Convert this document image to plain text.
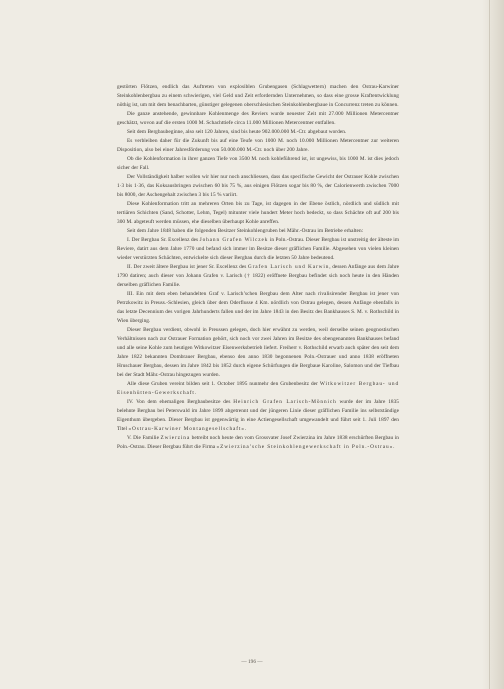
gestörten Flötzen, endlich das Auftreten von explosiblen Grubengasen (Schlagwettern) machen den Ostrau-Karwiner Steinkohlenbergbau zu einem schwierigen, viel Geld und Zeit erfordernden Unternehmen, so dass eine grosse Kraftentwicklung nöthig ist, um mit dem benachbarten, günstiger gelegenen oberschlesischen Steinkohlenbergbaue in Concurrenz treten zu können.

Die ganze anstehende, gewinnbare Kohlenmenge des Reviers wurde neuester Zeit mit 27.000 Millionen Metercentner geschätzt, wovon auf die ersten 1000 M. Schachttiefe circa 11.000 Millionen Metercentner entfallen.

Seit dem Bergbaubeginne, also seit 120 Jahren, sind bis heute 902.000.000 M.-Ctr. abgebaut worden.

Es verbleiben daher für die Zukunft bis auf eine Teufe von 1000 M. noch 10.000 Millionen Metercentner zur weiteren Disposition, also bei einer Jahresförderung von 50.000.000 M.-Ctr. noch über 200 Jahre.

Ob die Kohlenformation in ihrer ganzen Tiefe von 3500 M. noch kohleführend ist, ist ungewiss, bis 1000 M. ist dies jedoch sicher der Fall.

Der Vollständigkeit halber wollen wir hier nur noch anschliessen, dass das specifische Gewicht der Ostrauer Kohle zwischen 1·3 bis 1·36, das Koksausbringen zwischen 60 bis 75 %, aus einigen Flötzen sogar bis 80 %, der Calorienwerth zwischen 7000 bis 8000, der Aschengehalt zwischen 3 bis 15 % variirt.

Diese Kohlenformation tritt an mehreren Orten bis zu Tage, ist dagegen in der Ebene östlich, nördlich und südlich mit tertiären Schichten (Sand, Schotter, Lehm, Tegel) mitunter viele hundert Meter hoch bedeckt, so dass Schächte oft auf 200 bis 300 M. abgeteuft werden müssen, ehe dieselben überhaupt Kohle anreffen.

Seit dem Jahre 1848 haben die folgenden Besitzer Steinkohlengruben bei Mähr.-Ostrau im Betriebe erhalten:

I. Der Bergbau Sr. Excellenz des Johann Grafen Wilczek in Poln.-Ostrau. Dieser Bergbau ist unstreitig der älteste im Reviere, datirt aus dem Jahre 1770 und befand sich immer im Besitze dieser gräflichen Familie. Abgesehen von vielen kleinen wieder verstürzten Schächten, entwickelte sich dieser Bergbau durch die letzten 50 Jahre bedeutend.

II. Der zweit ältere Bergbau ist jener Sr. Excellenz des Grafen Larisch und Karwin, dessen Anfänge aus dem Jahre 1790 datiren; auch dieser von Johann Grafen v. Larisch († 1822) eröffnete Bergbau befindet sich noch heute in den Händen derselben gräflichen Familie.

III. Ein mit dem eben behandelten Graf v. Larisch’schen Bergbau dem Alter nach rivalisirender Bergbau ist jener von Petrzkowitz in Preuss.-Schlesien, gleich über dem Oderflusse 4 Km. nördlich von Ostrau gelegen, dessen Anfänge ebenfalls in das letzte Decennium des vorigen Jahrhunderts fallen und der im Jahre 1843 in den Besitz des Bankhauses S. M. v. Rothschild in Wien überging.

Dieser Bergbau verdient, obwohl in Preussen gelegen, doch hier erwähnt zu werden, weil derselbe seinen geognostischen Verhältnissen nach zur Ostrauer Formation gehört, sich noch vor zwei Jahren im Besitze des obengenannten Bankhauses befand und alle seine Kohle zum heutigen Witkowitzer Eisenwerksbetrieb liefert. Freiherr v. Rothschild erwarb auch später den seit dem Jahre 1822 bekannten Dombrauer Bergbau, ebenso den anno 1830 begonnenen Poln.-Ostrauer und anno 1838 eröffneten Hruschauer Bergbau, dessen im Jahre 1842 bis 1852 durch eigene Schürfungen die Bergbaue Karoline, Salomon und der Tiefbau bei der Stadt Mähr.-Ostrau hingezugen wurden.

Alle diese Gruben vereint bilden seit 1. October 1895 nunmehr den Grubenbesitz der Witkowitzer Bergbau- und Eisenhütten-Gewerkschaft.

IV. Von dem ehemaligen Bergbaubesitze des Heinrich Grafen Larisch-Mönnich wurde der im Jahre 1835 belehnte Bergbau bei Peterswald im Jahre 1899 abgetrennt und der jüngeren Linie dieser gräflichen Familie ins selbstständige Eigenthum übergeben. Dieser Bergbau ist gegenwärtig in eine Actiengesellschaft umgewandelt und führt seit 1. Juli 1897 den Titel »Ostrau-Karwiner Montangesellschaft«.

V. Die Familie Zwierzina betreibt noch heute den vom Grossvater Josef Zwierzina im Jahre 1838 erschürften Bergbau in Poln.-Ostrau. Dieser Bergbau führt die Firma »Zwierzina’sche Steinkohlengewerkschaft in Poln.-Ostrau«.

— 196 —
